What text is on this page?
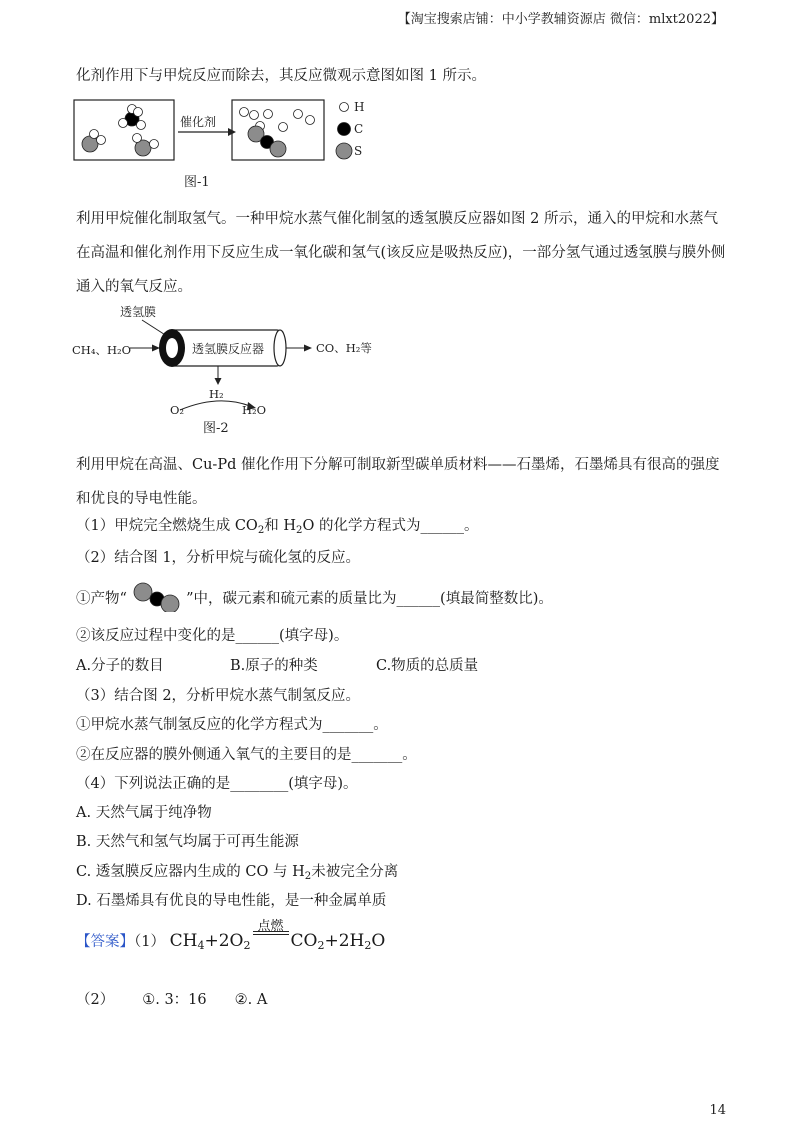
【淘宝搜索店铺：中小学教辅资源店 微信：mlxt2022】
化剂作用下与甲烷反应而除去，其反应微观示意图如图 1 所示。
催化剂
H
C
S
图-1
利用甲烷催化制取氢气。一种甲烷水蒸气催化制氢的透氢膜反应器如图 2 所示，通入的甲烷和水蒸气在高温和催化剂作用下反应生成一氧化碳和氢气(该反应是吸热反应)，一部分氢气通过透氢膜与膜外侧通入的氧气反应。
透氢膜
CH₄、H₂O	透氢膜反应器	CO、H₂等
H₂
O₂	H₂O
图-2
利用甲烷在高温、Cu-Pd 催化作用下分解可制取新型碳单质材料——石墨烯，石墨烯具有很高的强度和优良的导电性能。
（1）甲烷完全燃烧生成 $CO_2$和 $H_2O$ 的化学方程式为______。
（2）结合图 1，分析甲烷与硫化氢的反应。
①产物“	”中，碳元素和硫元素的质量比为______(填最简整数比)。
②该反应过程中变化的是______(填字母)。
A.分子的数目	B.原子的种类	C.物质的总质量
（3）结合图 2，分析甲烷水蒸气制氢反应。
①甲烷水蒸气制氢反应的化学方程式为_______。
②在反应器的膜外侧通入氧气的主要目的是_______。
（4）下列说法正确的是________(填字母)。
A. 天然气属于纯净物
B. 天然气和氢气均属于可再生能源
C. 透氢膜反应器内生成的 CO 与 $H_2$未被完全分离
D. 石墨烯具有优良的导电性能，是一种金属单质
【答案】（1） CH4+2O2
点燃
CO2+2H2O
（2） ①. 3：16 ②. A
14
